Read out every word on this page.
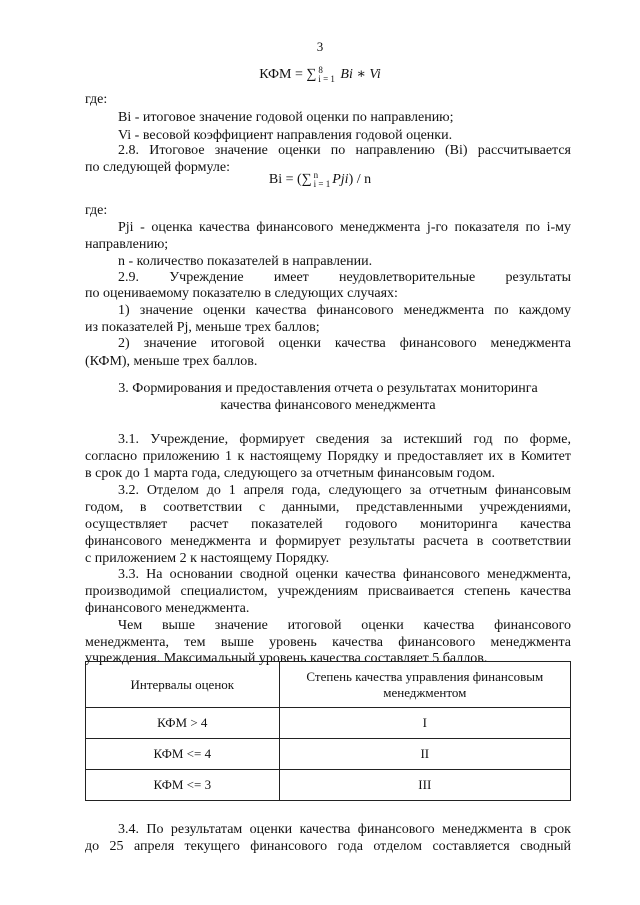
3
КФМ = ∑ 8
i = 1 Bi ∗ Vi
где:
Bi - итоговое значение годовой оценки по направлению;
Vi - весовой коэффициент направления годовой оценки.
2.8. Итоговое значение оценки по направлению (Bi) рассчитывается
по следующей формуле:
Bi = (∑ n
i = 1 Pji) / n
где:
Pji - оценка качества финансового менеджмента j-го показателя по i-му
направлению;
n - количество показателей в направлении.
2.9. Учреждение имеет неудовлетворительные результаты
по оцениваемому показателю в следующих случаях:
1) значение оценки качества финансового менеджмента по каждому
из показателей Pj, меньше трех баллов;
2) значение итоговой оценки качества финансового менеджмента
(КФМ), меньше трех баллов.
3. Формирования и предоставления отчета о результатах мониторинга
качества финансового менеджмента
3.1. Учреждение, формирует сведения за истекший год по форме,
согласно приложению 1 к настоящему Порядку и предоставляет их в Комитет
в срок до 1 марта года, следующего за отчетным финансовым годом.
3.2. Отделом до 1 апреля года, следующего за отчетным финансовым
годом, в соответствии с данными, представленными учреждениями,
осуществляет расчет показателей годового мониторинга качества
финансового менеджмента и формирует результаты расчета в соответствии
с приложением 2 к настоящему Порядку.
3.3. На основании сводной оценки качества финансового менеджмента,
производимой специалистом, учреждениям присваивается степень качества
финансового менеджмента.
Чем выше значение итоговой оценки качества финансового
менеджмента, тем выше уровень качества финансового менеджмента
учреждения. Максимальный уровень качества составляет 5 баллов.
Интервалы оценок	Степень качества управления финансовым менеджментом
КФМ > 4	I
КФМ <= 4	II
КФМ <= 3	III
3.4. По результатам оценки качества финансового менеджмента в срок
до 25 апреля текущего финансового года отделом составляется сводный
